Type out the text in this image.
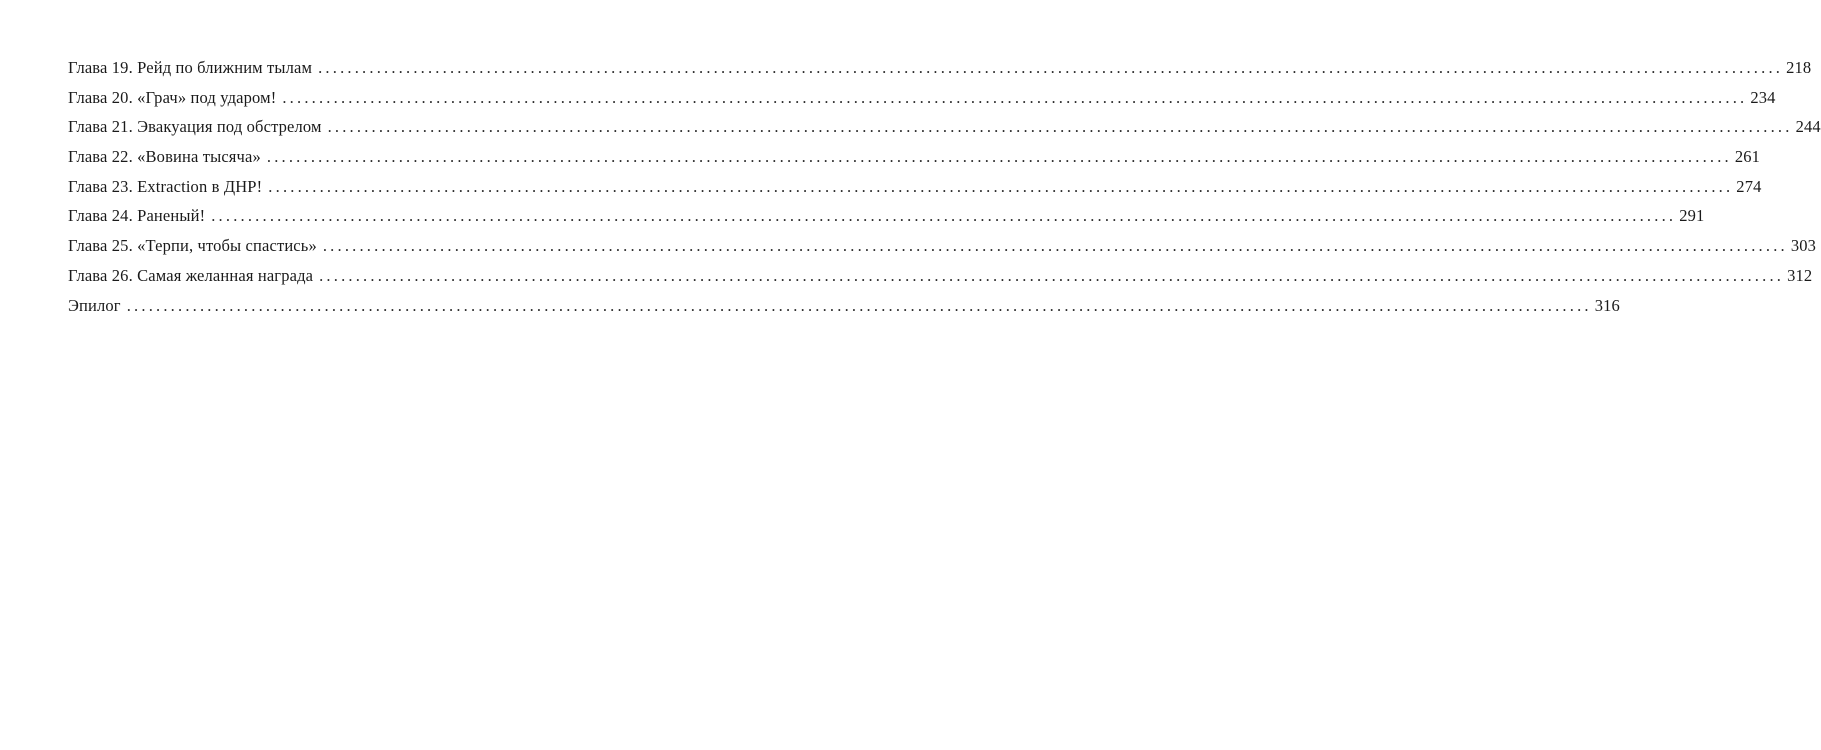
Глава 19. Рейд по ближним тылам ........................................................................................................................................................................................................ 218
Глава 20. «Грач» под ударом! ........................................................................................................................................................................................................ 234
Глава 21. Эвакуация под обстрелом ........................................................................................................................................................................................................ 244
Глава 22. «Вовина тысяча» ........................................................................................................................................................................................................ 261
Глава 23. Extraction в ДНР! ........................................................................................................................................................................................................ 274
Глава 24. Раненый! ........................................................................................................................................................................................................ 291
Глава 25. «Терпи, чтобы спастись» ........................................................................................................................................................................................................ 303
Глава 26. Самая желанная награда ........................................................................................................................................................................................................ 312
Эпилог ........................................................................................................................................................................................................ 316
